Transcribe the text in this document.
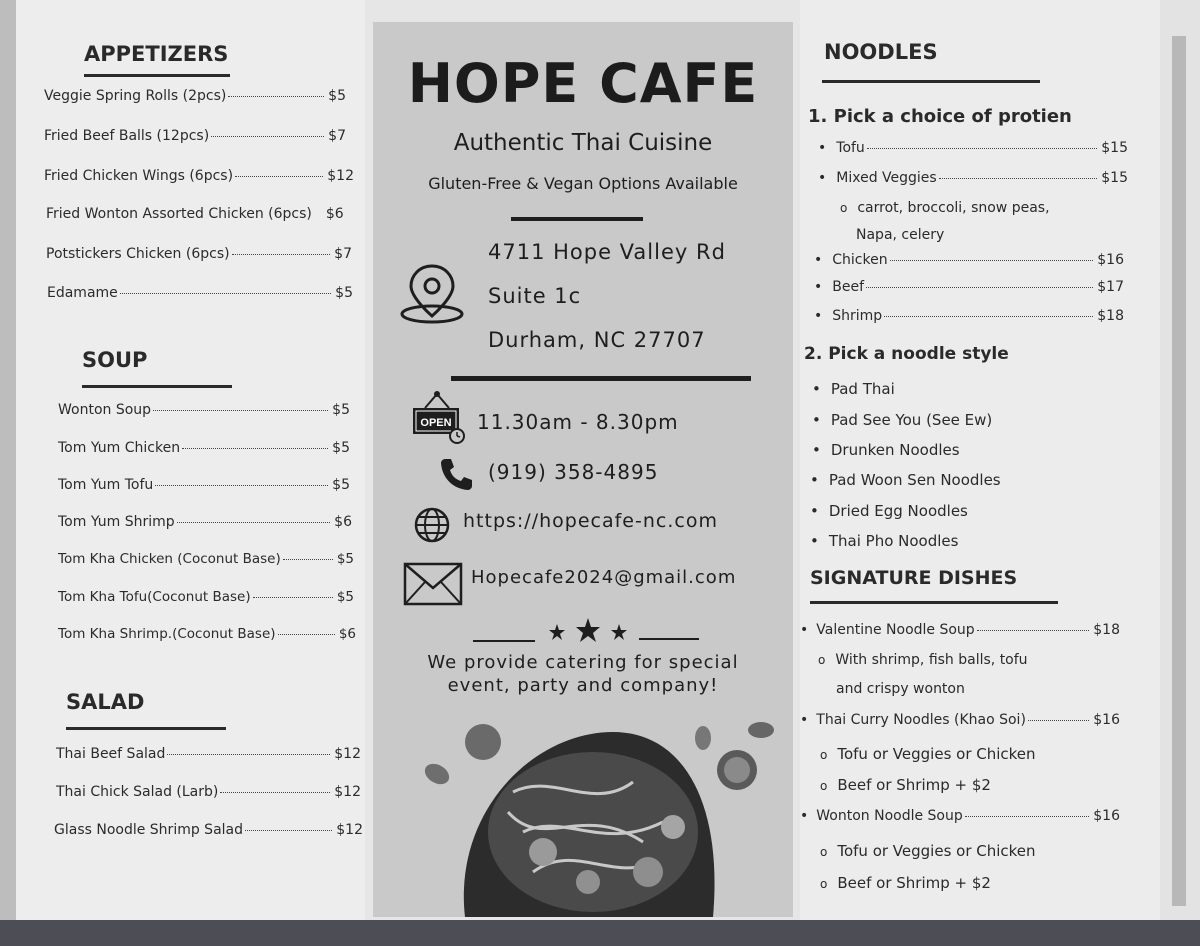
APPETIZERS
Veggie Spring Rolls (2pcs)	$5
Fried Beef Balls (12pcs)	$7
Fried Chicken Wings (6pcs)	$12
Fried Wonton Assorted Chicken (6pcs) $6
Potstickers Chicken (6pcs)	$7
Edamame	$5
SOUP
Wonton Soup	$5
Tom Yum Chicken	$5
Tom Yum Tofu	$5
Tom Yum Shrimp	$6
Tom Kha Chicken (Coconut Base)	$5
Tom Kha Tofu(Coconut Base)	$5
Tom Kha Shrimp.(Coconut Base)	$6
SALAD
Thai Beef Salad	$12
Thai Chick Salad (Larb)	$12
Glass Noodle Shrimp Salad	$12
HOPE CAFE
Authentic Thai Cuisine
Gluten-Free & Vegan Options Available
4711 Hope Valley Rd
Suite 1c
Durham, NC 27707
OPEN 11.30am - 8.30pm
(919) 358-4895
https://hopecafe-nc.com
Hopecafe2024@gmail.com
We provide catering for special
event, party and company!
NOODLES
1. Pick a choice of protien
• Tofu	$15
• Mixed Veggies	$15
o carrot, broccoli, snow peas,
Napa, celery
• Chicken	$16
• Beef	$17
• Shrimp	$18
2. Pick a noodle style
• Pad Thai
• Pad See You (See Ew)
• Drunken Noodles
• Pad Woon Sen Noodles
• Dried Egg Noodles
• Thai Pho Noodles
SIGNATURE DISHES
• Valentine Noodle Soup	$18
o With shrimp, fish balls, tofu
and crispy wonton
• Thai Curry Noodles (Khao Soi)	$16
o Tofu or Veggies or Chicken
o Beef or Shrimp + $2
• Wonton Noodle Soup	$16
o Tofu or Veggies or Chicken
o Beef or Shrimp + $2
